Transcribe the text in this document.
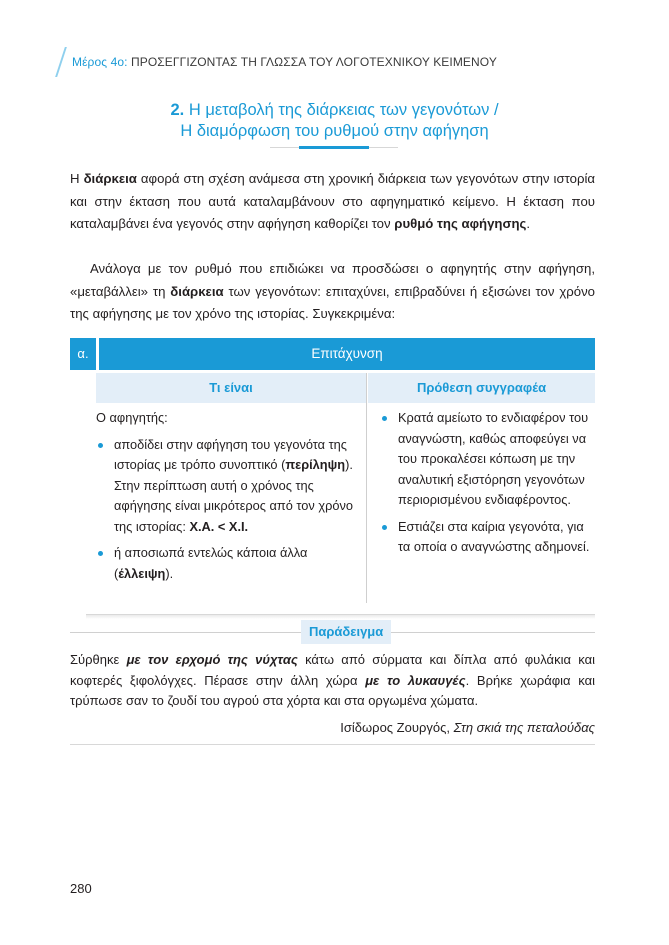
Μέρος 4ο: ΠΡΟΣΕΓΓΙΖΟΝΤΑΣ ΤΗ ΓΛΩΣΣΑ ΤΟΥ ΛΟΓΟΤΕΧΝΙΚΟΥ ΚΕΙΜΕΝΟΥ
2. Η μεταβολή της διάρκειας των γεγονότων /
Η διαμόρφωση του ρυθμού στην αφήγηση

Η διάρκεια αφορά στη σχέση ανάμεσα στη χρονική διάρκεια των γεγονότων στην ιστορία και στην έκταση που αυτά καταλαμβάνουν στο αφηγηματικό κείμενο. Η έκταση που καταλαμβάνει ένα γεγονός στην αφήγηση καθορίζει τον ρυθμό της αφήγησης.

Ανάλογα με τον ρυθμό που επιδιώκει να προσδώσει ο αφηγητής στην αφήγηση, «μεταβάλλει» τη διάρκεια των γεγονότων: επιταχύνει, επιβραδύνει ή εξισώνει τον χρόνο της αφήγησης με τον χρόνο της ιστορίας. Συγκεκριμένα:

α.	Επιτάχυνση
Τι είναι	Πρόθεση συγγραφέα

Ο αφηγητής:

αποδίδει στην αφήγηση του γεγονότα της ιστορίας με τρόπο συνοπτικό (περίληψη). Στην περίπτωση αυτή ο χρόνος της αφήγησης είναι μικρότερος από τον χρόνο της ιστορίας: Χ.Α. < Χ.Ι.
ή αποσιωπά εντελώς κάποια άλλα (έλλειψη).
Κρατά αμείωτο το ενδιαφέρον του αναγνώστη, καθώς αποφεύγει να του προκαλέσει κόπωση με την αναλυτική εξιστόρηση γεγονότων περιορισμένου ενδιαφέροντος.
Εστιάζει στα καίρια γεγονότα, για τα οποία ο αναγνώστης αδημονεί.
Παράδειγμα

Σύρθηκε με τον ερχομό της νύχτας κάτω από σύρματα και δίπλα από φυλάκια και κοφτερές ξιφολόγχες. Πέρασε στην άλλη χώρα με το λυκαυγές. Βρήκε χωράφια και τρύπωσε σαν το ζουδί του αγρού στα χόρτα και στα οργωμένα χώματα.

Ισίδωρος Ζουργός, Στη σκιά της πεταλούδας
280
